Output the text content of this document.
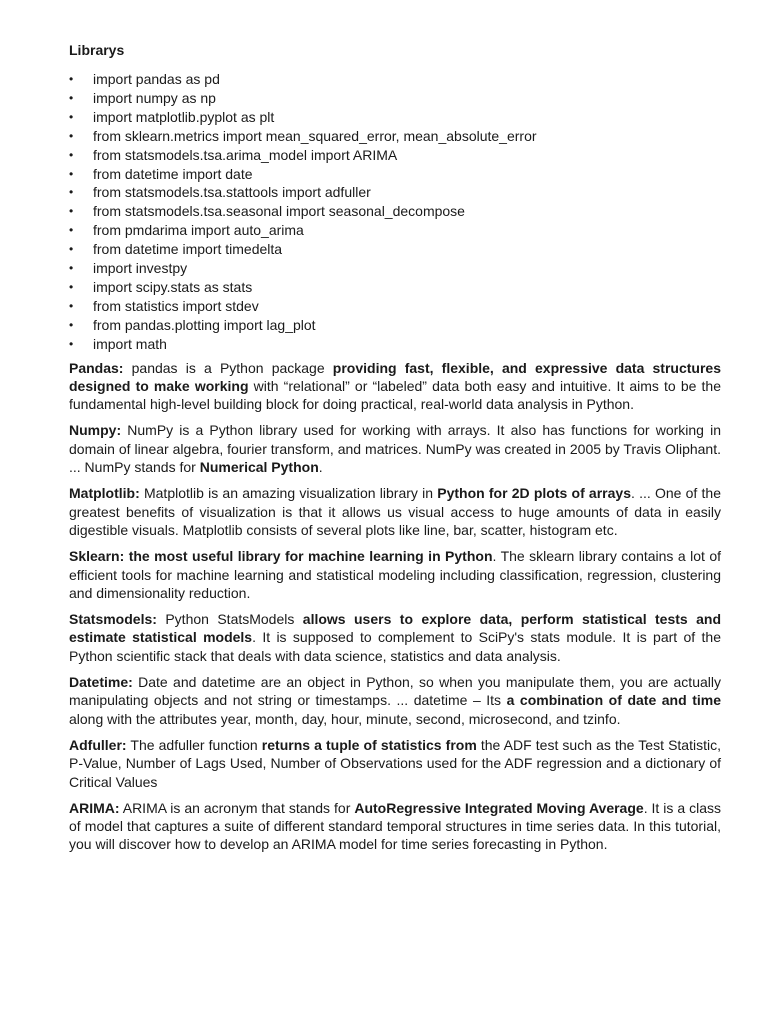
Librarys
• import pandas as pd
• import numpy as np
• import matplotlib.pyplot as plt
• from sklearn.metrics import mean_squared_error, mean_absolute_error
• from statsmodels.tsa.arima_model import ARIMA
• from datetime import date
• from statsmodels.tsa.stattools import adfuller
• from statsmodels.tsa.seasonal import seasonal_decompose
• from pmdarima import auto_arima
• from datetime import timedelta
• import investpy
• import scipy.stats as stats
• from statistics import stdev
• from pandas.plotting import lag_plot
• import math

Pandas: pandas is a Python package providing fast, flexible, and expressive data structures designed to make working with “relational” or “labeled” data both easy and intuitive. It aims to be the fundamental high-level building block for doing practical, real-world data analysis in Python.

Numpy: NumPy is a Python library used for working with arrays. It also has functions for working in domain of linear algebra, fourier transform, and matrices. NumPy was created in 2005 by Travis Oliphant. ... NumPy stands for Numerical Python.

Matplotlib: Matplotlib is an amazing visualization library in Python for 2D plots of arrays. ... One of the greatest benefits of visualization is that it allows us visual access to huge amounts of data in easily digestible visuals. Matplotlib consists of several plots like line, bar, scatter, histogram etc.

Sklearn: the most useful library for machine learning in Python. The sklearn library contains a lot of efficient tools for machine learning and statistical modeling including classification, regression, clustering and dimensionality reduction.

Statsmodels: Python StatsModels allows users to explore data, perform statistical tests and estimate statistical models. It is supposed to complement to SciPy's stats module. It is part of the Python scientific stack that deals with data science, statistics and data analysis.

Datetime: Date and datetime are an object in Python, so when you manipulate them, you are actually manipulating objects and not string or timestamps. ... datetime – Its a combination of date and time along with the attributes year, month, day, hour, minute, second, microsecond, and tzinfo.

Adfuller: The adfuller function returns a tuple of statistics from the ADF test such as the Test Statistic, P-Value, Number of Lags Used, Number of Observations used for the ADF regression and a dictionary of Critical Values

ARIMA: ARIMA is an acronym that stands for AutoRegressive Integrated Moving Average. It is a class of model that captures a suite of different standard temporal structures in time series data. In this tutorial, you will discover how to develop an ARIMA model for time series forecasting in Python.
